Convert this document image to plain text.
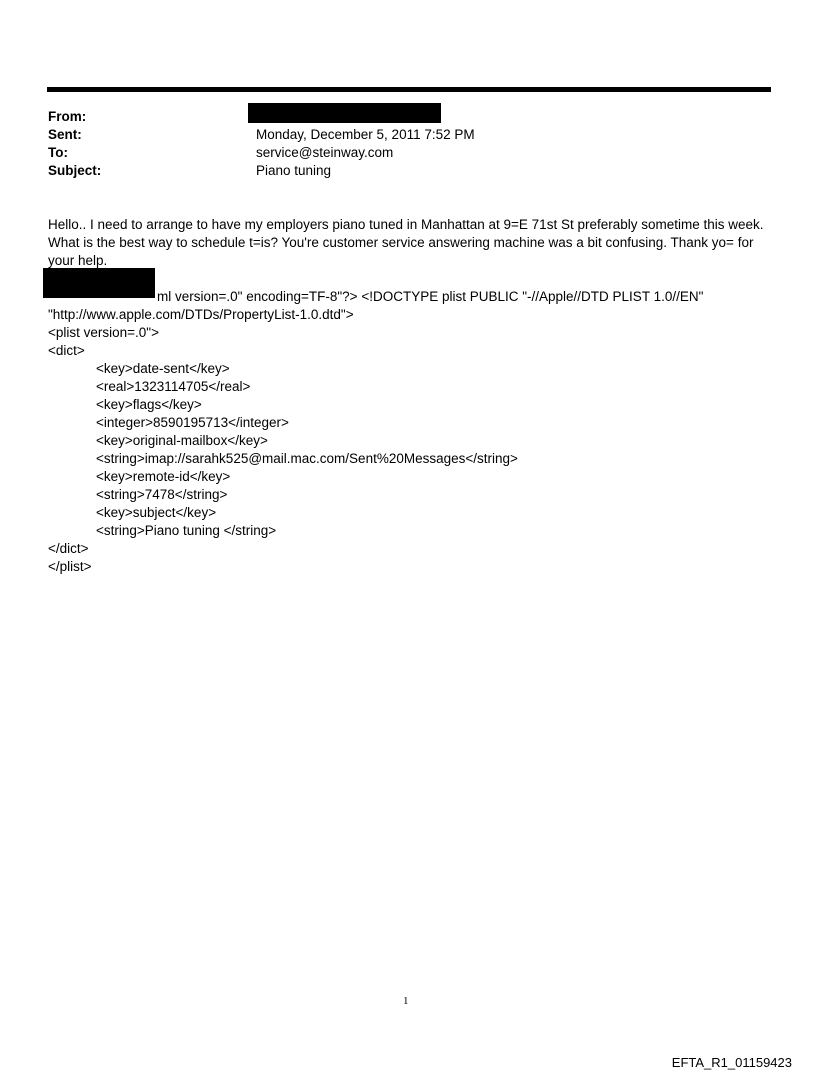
From:
Sent:	Monday, December 5, 2011 7:52 PM
To:	service@steinway.com
Subject:	Piano tuning
Hello.. I need to arrange to have my employers piano tuned in Manhattan at 9=E 71st St preferably sometime this week. What is the best way to schedule t=is? You're customer service answering machine was a bit confusing. Thank yo= for your help.
ml version=.0" encoding=TF-8"?> <!DOCTYPE plist PUBLIC "-//Apple//DTD PLIST 1.0//EN"
"http://www.apple.com/DTDs/PropertyList-1.0.dtd">
<plist version=.0">
<dict>
<key>date-sent</key>
<real>1323114705</real>
<key>flags</key>
<integer>8590195713</integer>
<key>original-mailbox</key>
<string>imap://sarahk525@mail.mac.com/Sent%20Messages</string>
<key>remote-id</key>
<string>7478</string>
<key>subject</key>
<string>Piano tuning </string>
</dict>
</plist>
1
EFTA_R1_01159423
